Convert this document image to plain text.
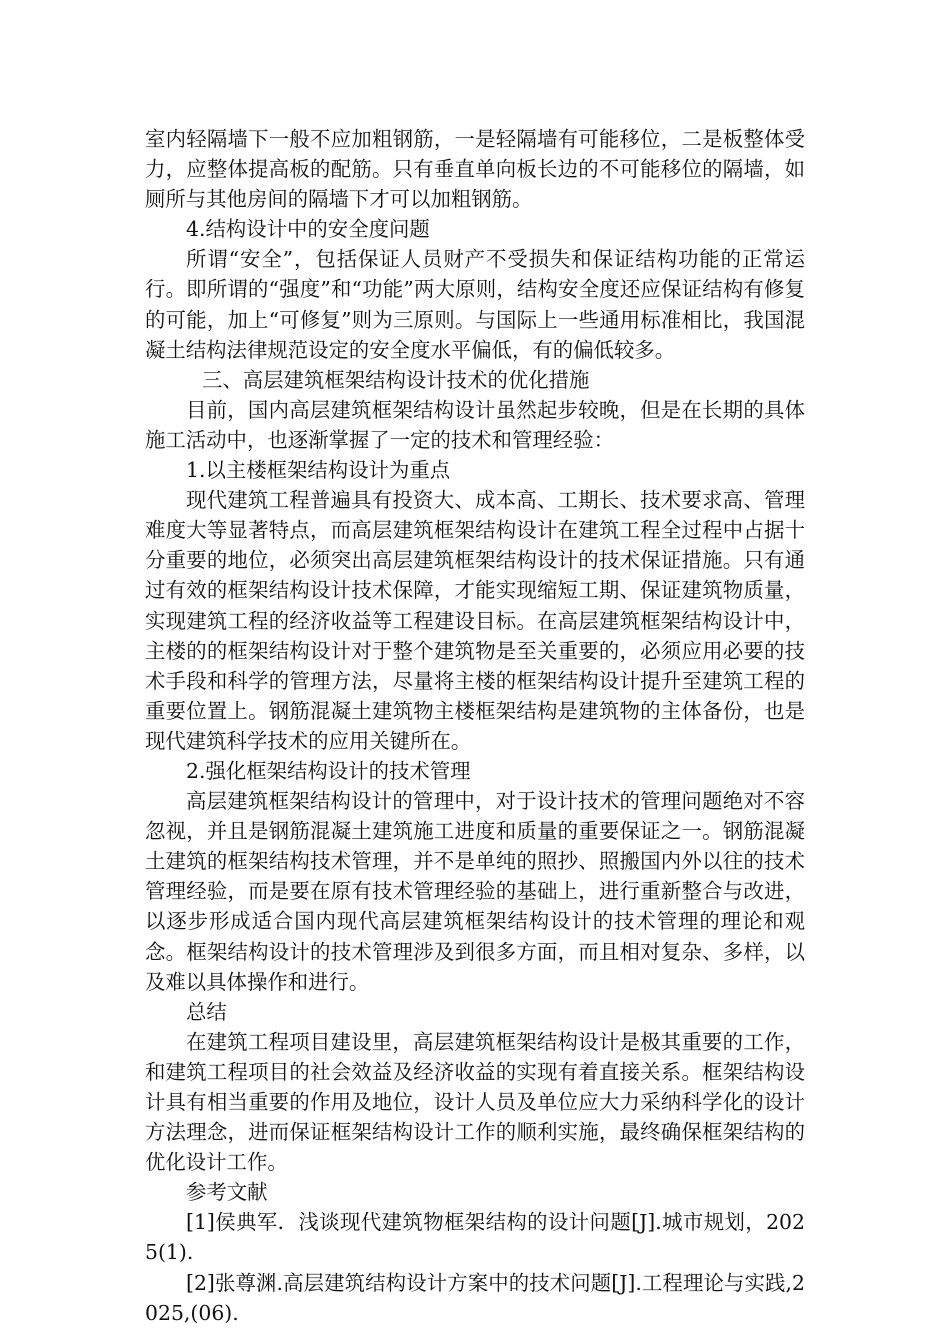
室内轻隔墙下一般不应加粗钢筋，一是轻隔墙有可能移位，二是板整体受力，应整体提高板的配筋。只有垂直单向板长边的不可能移位的隔墙，如厕所与其他房间的隔墙下才可以加粗钢筋。

4.结构设计中的安全度问题

所谓“安全”，包括保证人员财产不受损失和保证结构功能的正常运行。即所谓的“强度”和“功能”两大原则，结构安全度还应保证结构有修复的可能，加上“可修复”则为三原则。与国际上一些通用标准相比，我国混凝土结构法律规范设定的安全度水平偏低，有的偏低较多。

三、高层建筑框架结构设计技术的优化措施

目前，国内高层建筑框架结构设计虽然起步较晚，但是在长期的具体施工活动中，也逐渐掌握了一定的技术和管理经验：

1.以主楼框架结构设计为重点

现代建筑工程普遍具有投资大、成本高、工期长、技术要求高、管理难度大等显著特点，而高层建筑框架结构设计在建筑工程全过程中占据十分重要的地位，必须突出高层建筑框架结构设计的技术保证措施。只有通过有效的框架结构设计技术保障，才能实现缩短工期、保证建筑物质量，实现建筑工程的经济收益等工程建设目标。在高层建筑框架结构设计中，主楼的的框架结构设计对于整个建筑物是至关重要的，必须应用必要的技术手段和科学的管理方法，尽量将主楼的框架结构设计提升至建筑工程的重要位置上。钢筋混凝土建筑物主楼框架结构是建筑物的主体备份，也是现代建筑科学技术的应用关键所在。

2.强化框架结构设计的技术管理

高层建筑框架结构设计的管理中，对于设计技术的管理问题绝对不容忽视，并且是钢筋混凝土建筑施工进度和质量的重要保证之一。钢筋混凝土建筑的框架结构技术管理，并不是单纯的照抄、照搬国内外以往的技术管理经验，而是要在原有技术管理经验的基础上，进行重新整合与改进，以逐步形成适合国内现代高层建筑框架结构设计的技术管理的理论和观念。框架结构设计的技术管理涉及到很多方面，而且相对复杂、多样，以及难以具体操作和进行。

总结

在建筑工程项目建设里，高层建筑框架结构设计是极其重要的工作，和建筑工程项目的社会效益及经济收益的实现有着直接关系。框架结构设计具有相当重要的作用及地位，设计人员及单位应大力采纳科学化的设计方法理念，进而保证框架结构设计工作的顺利实施，最终确保框架结构的优化设计工作。

参考文献

[1]侯典军．浅谈现代建筑物框架结构的设计问题[J].城市规划，2025(1).

[2]张尊渊.高层建筑结构设计方案中的技术问题[J].工程理论与实践,2025,(06).
